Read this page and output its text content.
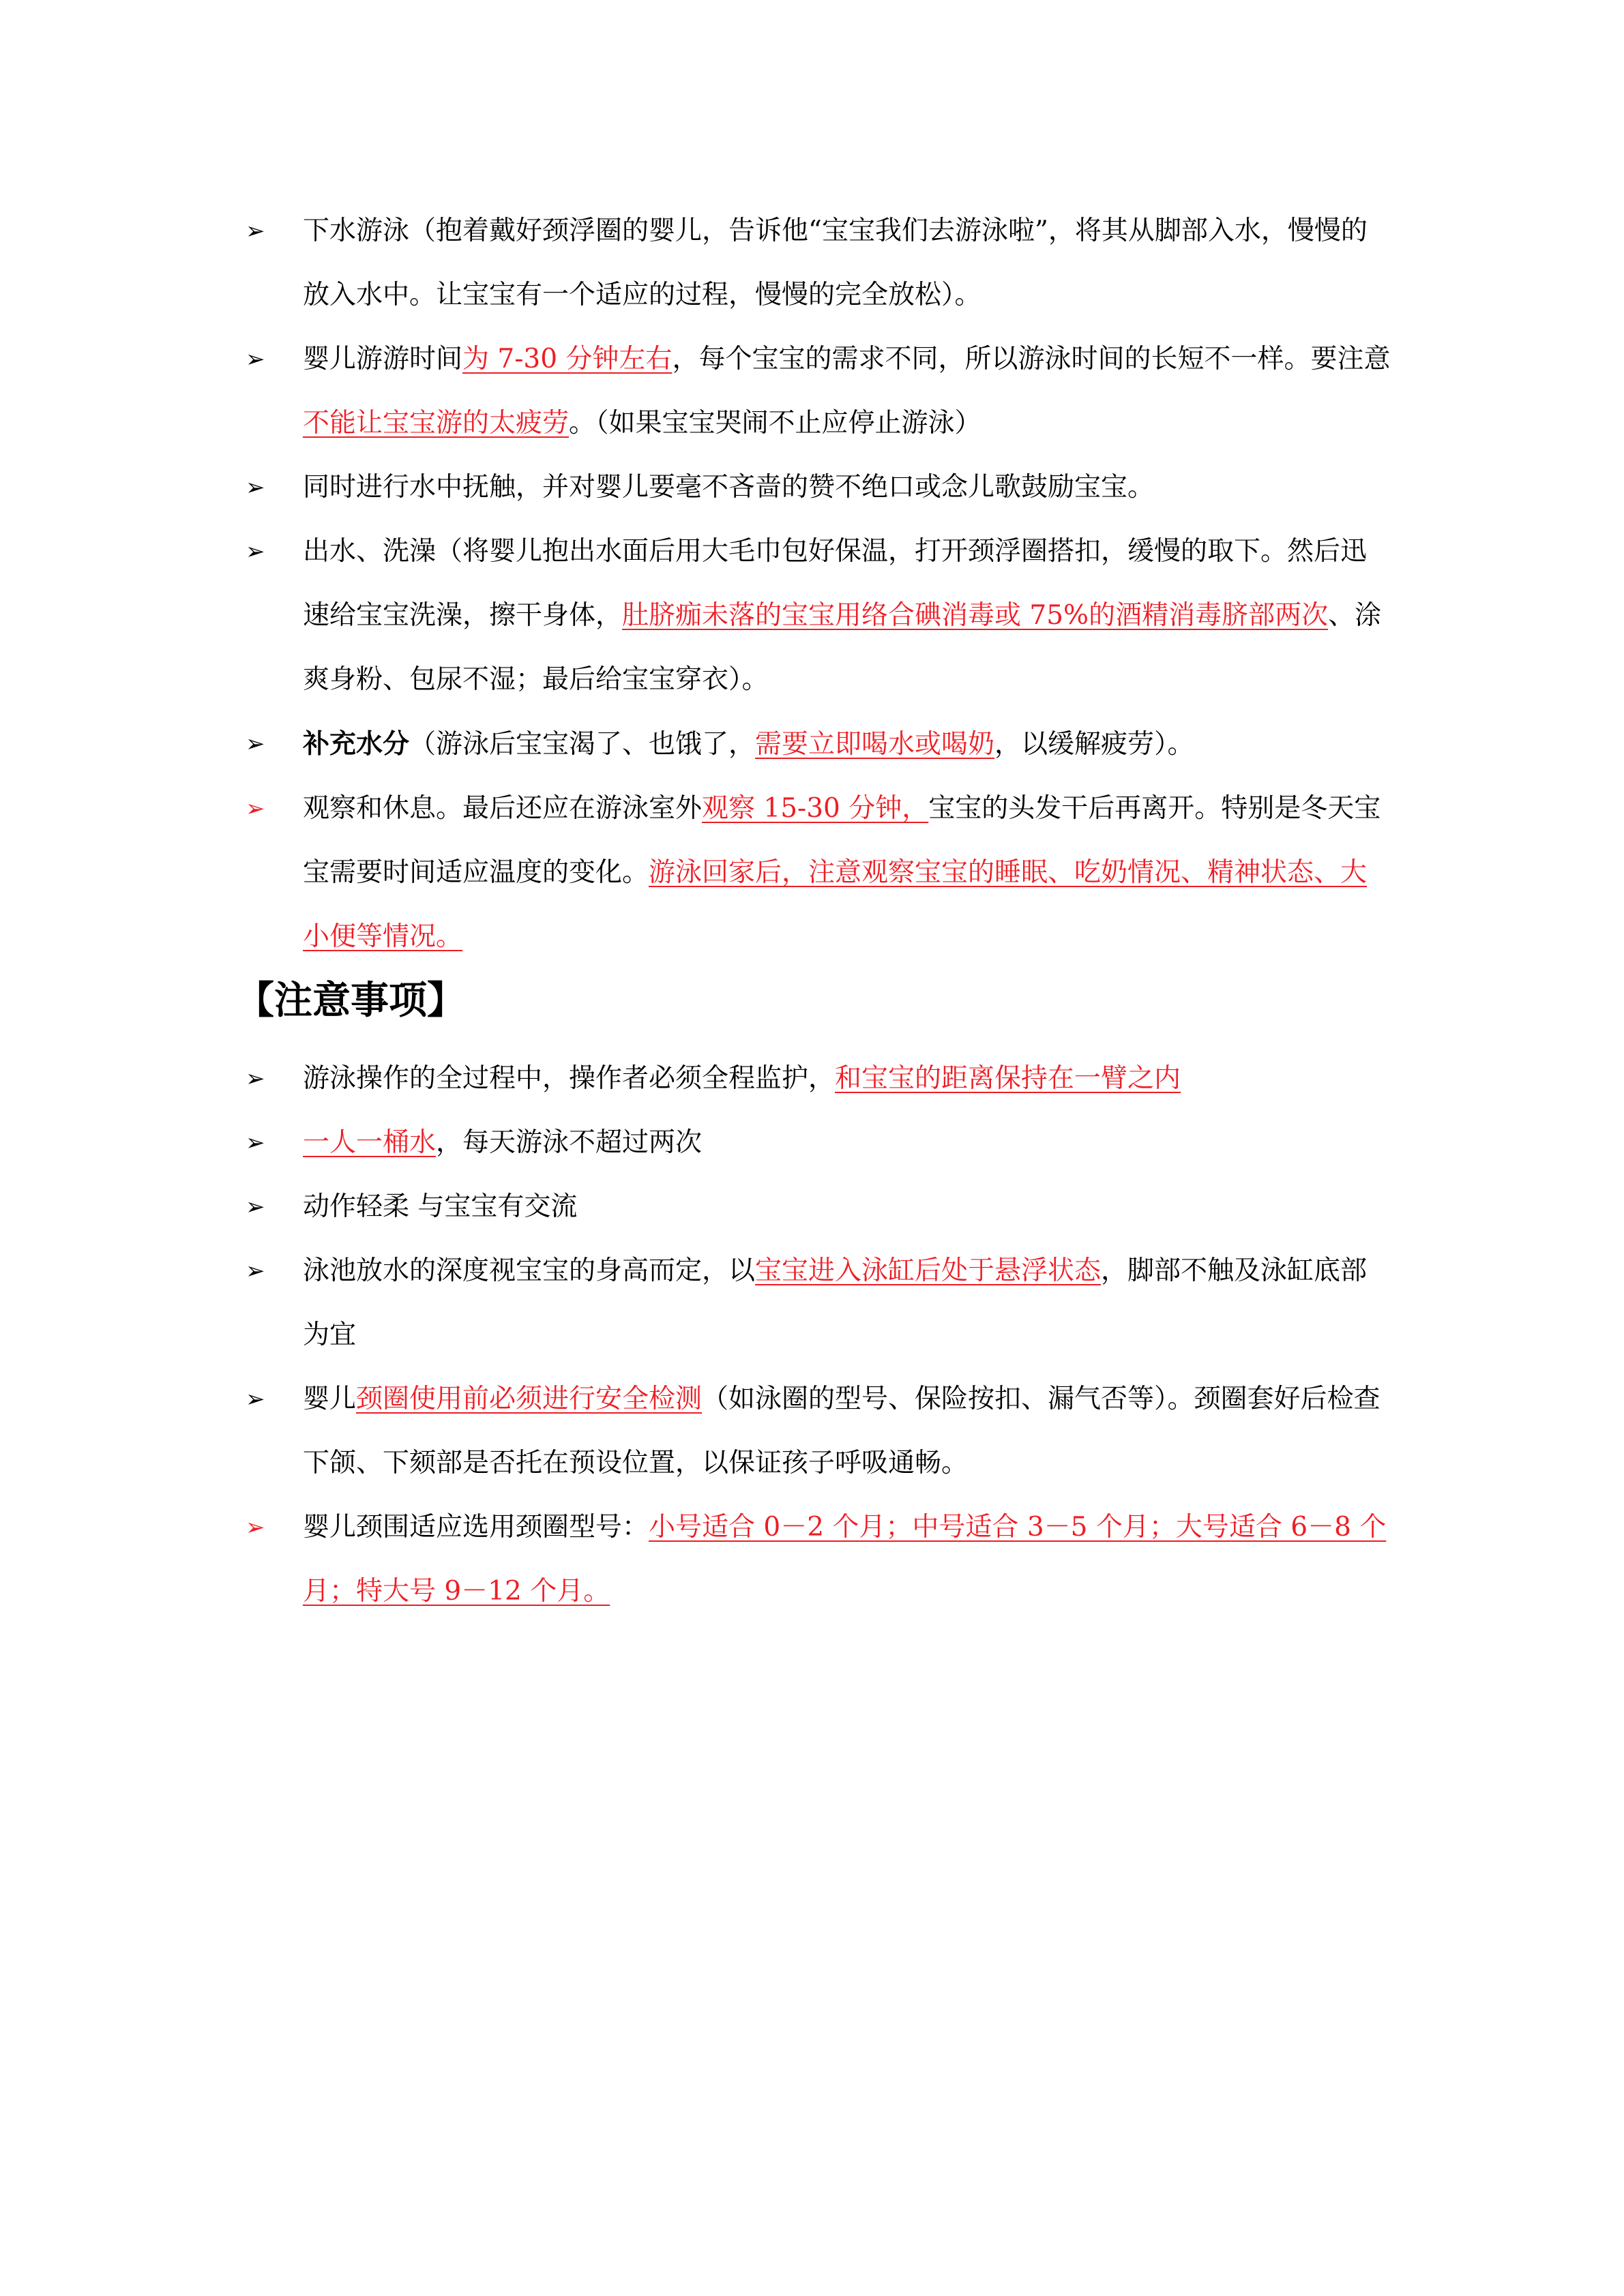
➢ 下水游泳（抱着戴好颈浮圈的婴儿，告诉他“宝宝我们去游泳啦”，将其从脚部入水，慢慢的放入水中。让宝宝有一个适应的过程，慢慢的完全放松）。
➢ 婴儿游游时间为 7-30 分钟左右，每个宝宝的需求不同，所以游泳时间的长短不一样。要注意不能让宝宝游的太疲劳。（如果宝宝哭闹不止应停止游泳）
➢ 同时进行水中抚触，并对婴儿要毫不吝啬的赞不绝口或念儿歌鼓励宝宝。
➢ 出水、洗澡（将婴儿抱出水面后用大毛巾包好保温，打开颈浮圈搭扣，缓慢的取下。然后迅速给宝宝洗澡，擦干身体，肚脐痂未落的宝宝用络合碘消毒或 75%的酒精消毒脐部两次、涂爽身粉、包尿不湿；最后给宝宝穿衣）。
➢ 补充水分（游泳后宝宝渴了、也饿了，需要立即喝水或喝奶，以缓解疲劳）。
➢ 观察和休息。最后还应在游泳室外观察 15-30 分钟，宝宝的头发干后再离开。特别是冬天宝宝需要时间适应温度的变化。游泳回家后，注意观察宝宝的睡眠、吃奶情况、精神状态、大小便等情况。
【注意事项】
➢ 游泳操作的全过程中，操作者必须全程监护，和宝宝的距离保持在一臂之内
➢ 一人一桶水，每天游泳不超过两次
➢ 动作轻柔 与宝宝有交流
➢ 泳池放水的深度视宝宝的身高而定，以宝宝进入泳缸后处于悬浮状态，脚部不触及泳缸底部为宜
➢ 婴儿颈圈使用前必须进行安全检测（如泳圈的型号、保险按扣、漏气否等）。颈圈套好后检查下颌、下颏部是否托在预设位置，以保证孩子呼吸通畅。
➢ 婴儿颈围适应选用颈圈型号：小号适合 0－2 个月；中号适合 3－5 个月；大号适合 6－8 个月；特大号 9－12 个月。
